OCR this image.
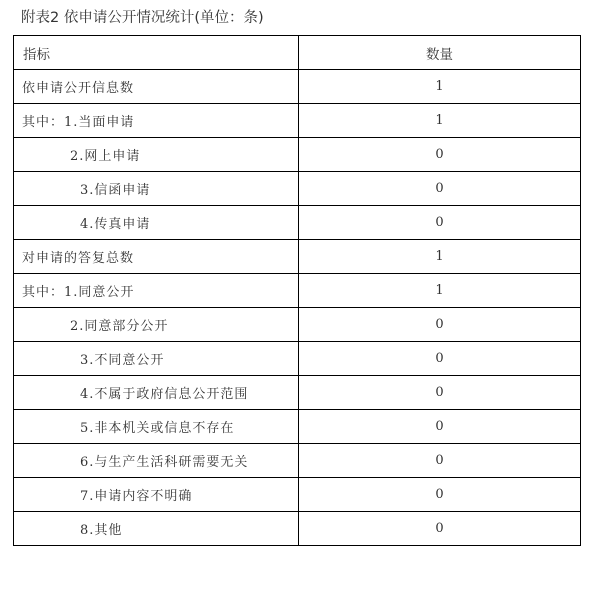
附表2 依申请公开情况统计(单位：条)
指标	数量
依申请公开信息数	1
其中：1.当面申请	1
2.网上申请	0
3.信函申请	0
4.传真申请	0
对申请的答复总数	1
其中：1.同意公开	1
2.同意部分公开	0
3.不同意公开	0
4.不属于政府信息公开范围	0
5.非本机关或信息不存在	0
6.与生产生活科研需要无关	0
7.申请内容不明确	0
8.其他	0
